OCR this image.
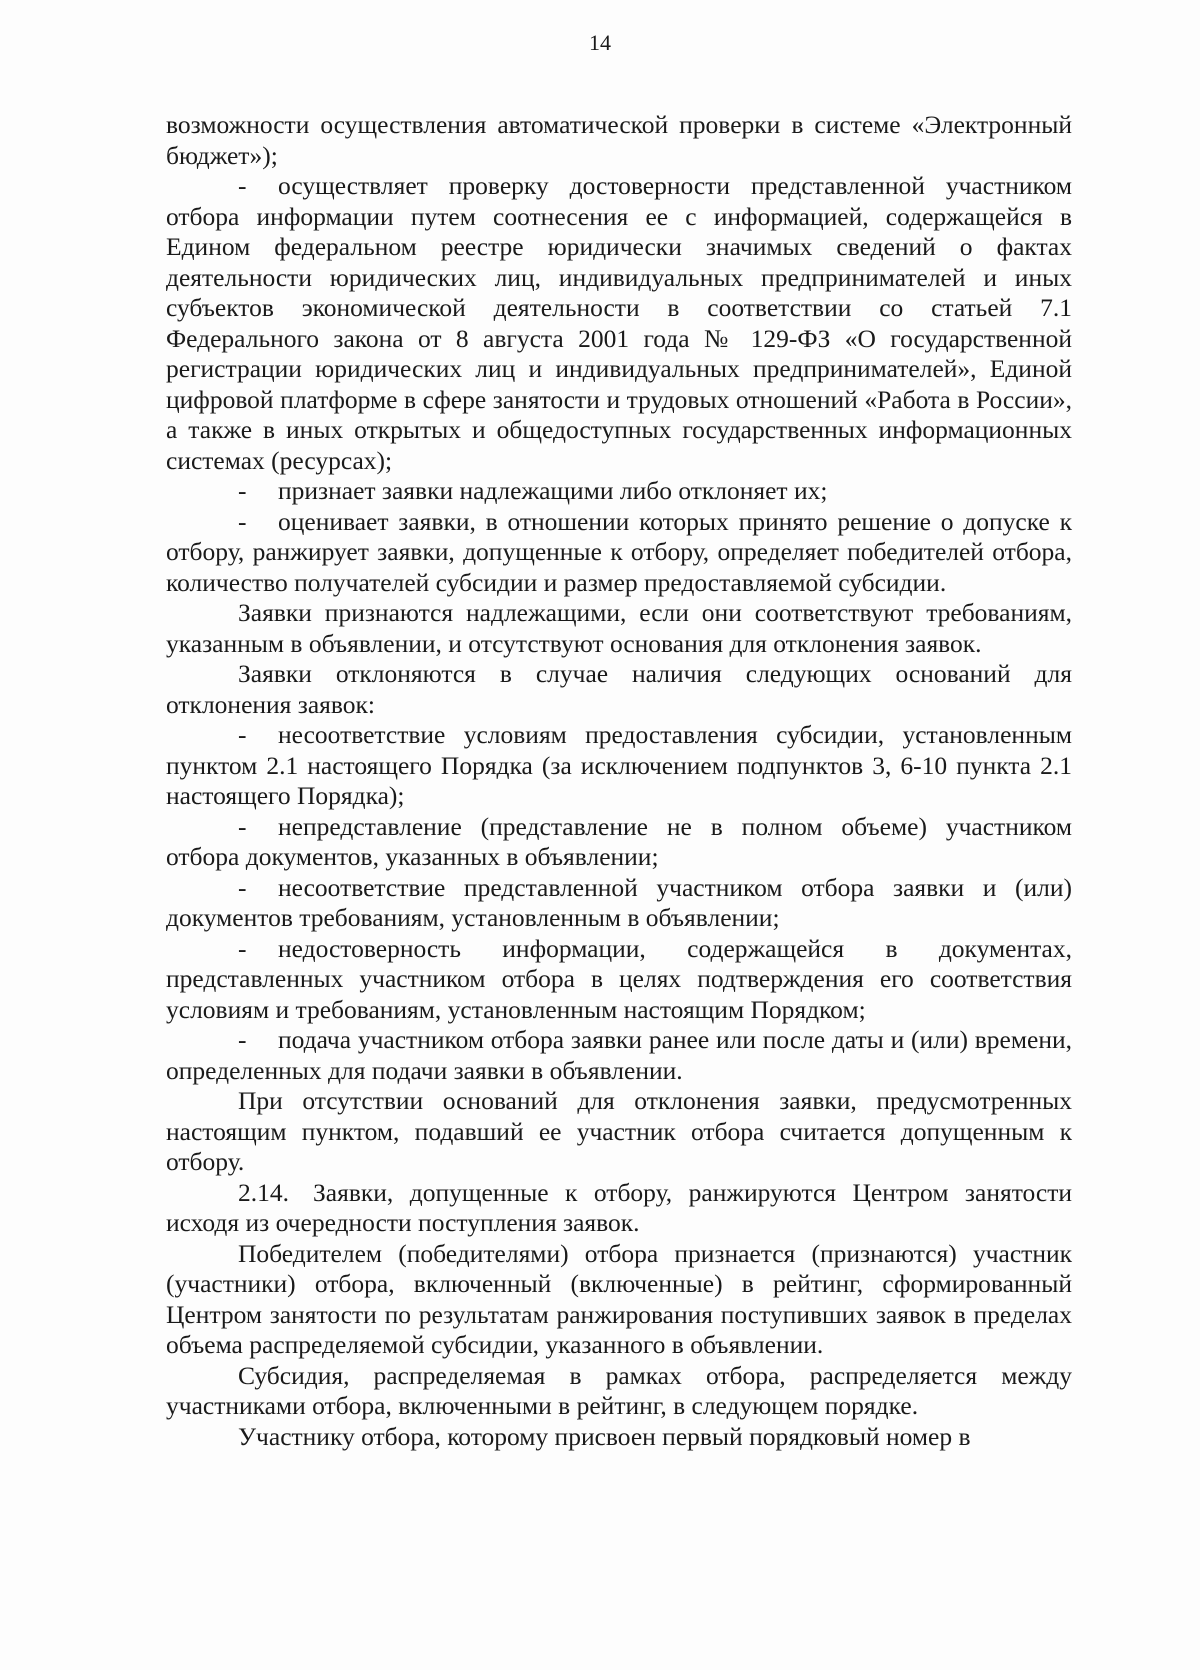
14

возможности осуществления автоматической проверки в системе «Электронный бюджет»);

- осуществляет проверку достоверности представленной участником отбора информации путем соотнесения ее с информацией, содержащейся в Едином федеральном реестре юридически значимых сведений о фактах деятельности юридических лиц, индивидуальных предпринимателей и иных субъектов экономической деятельности в соответствии со статьей 7.1 Федерального закона от 8 августа 2001 года № 129-ФЗ «О государственной регистрации юридических лиц и индивидуальных предпринимателей», Единой цифровой платформе в сфере занятости и трудовых отношений «Работа в России», а также в иных открытых и общедоступных государственных информационных системах (ресурсах);

- признает заявки надлежащими либо отклоняет их;

- оценивает заявки, в отношении которых принято решение о допуске к отбору, ранжирует заявки, допущенные к отбору, определяет победителей отбора, количество получателей субсидии и размер предоставляемой субсидии.

Заявки признаются надлежащими, если они соответствуют требованиям, указанным в объявлении, и отсутствуют основания для отклонения заявок.

Заявки отклоняются в случае наличия следующих оснований для отклонения заявок:

- несоответствие условиям предоставления субсидии, установленным пунктом 2.1 настоящего Порядка (за исключением подпунктов 3, 6-10 пункта 2.1 настоящего Порядка);

- непредставление (представление не в полном объеме) участником отбора документов, указанных в объявлении;

- несоответствие представленной участником отбора заявки и (или) документов требованиям, установленным в объявлении;

- недостоверность информации, содержащейся в документах, представленных участником отбора в целях подтверждения его соответствия условиям и требованиям, установленным настоящим Порядком;

- подача участником отбора заявки ранее или после даты и (или) времени, определенных для подачи заявки в объявлении.

При отсутствии оснований для отклонения заявки, предусмотренных настоящим пунктом, подавший ее участник отбора считается допущенным к отбору.

2.14. Заявки, допущенные к отбору, ранжируются Центром занятости исходя из очередности поступления заявок.

Победителем (победителями) отбора признается (признаются) участник (участники) отбора, включенный (включенные) в рейтинг, сформированный Центром занятости по результатам ранжирования поступивших заявок в пределах объема распределяемой субсидии, указанного в объявлении.

Субсидия, распределяемая в рамках отбора, распределяется между участниками отбора, включенными в рейтинг, в следующем порядке.

Участнику отбора, которому присвоен первый порядковый номер в
